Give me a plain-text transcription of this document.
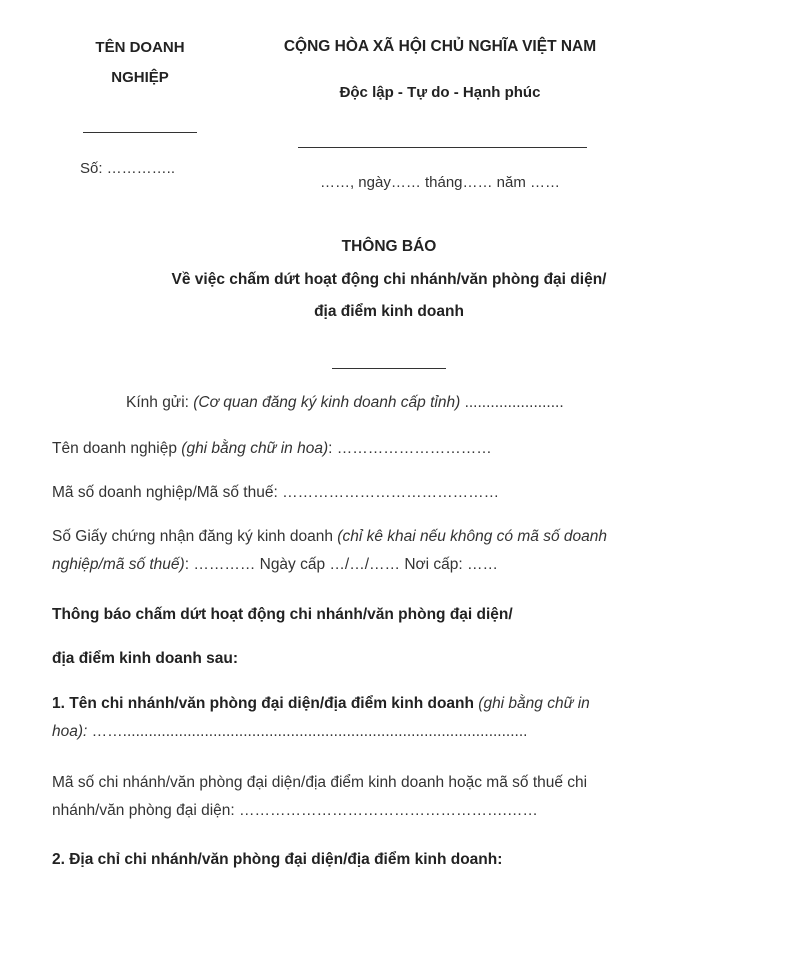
TÊN DOANH
NGHIỆP
Số: …………..
CỘNG HÒA XÃ HỘI CHỦ NGHĨA VIỆT NAM
Độc lập - Tự do - Hạnh phúc
……, ngày…… tháng…… năm ……
THÔNG BÁO
Về việc chấm dứt hoạt động chi nhánh/văn phòng đại diện/
địa điểm kinh doanh
Kính gửi: (Cơ quan đăng ký kinh doanh cấp tỉnh) .......................
Tên doanh nghiệp (ghi bằng chữ in hoa): …………………………
Mã số doanh nghiệp/Mã số thuế: ……………………………………
Số Giấy chứng nhận đăng ký kinh doanh (chỉ kê khai nếu không có mã số doanh
nghiệp/mã số thuế): ………… Ngày cấp …/…/…… Nơi cấp: ……
Thông báo chấm dứt hoạt động chi nhánh/văn phòng đại diện/
địa điểm kinh doanh sau:
1. Tên chi nhánh/văn phòng đại diện/địa điểm kinh doanh (ghi bằng chữ in
hoa): ……..............................................................................................
Mã số chi nhánh/văn phòng đại diện/địa điểm kinh doanh hoặc mã số thuế chi
nhánh/văn phòng đại diện: …………………………………………….……
2. Địa chỉ chi nhánh/văn phòng đại diện/địa điểm kinh doanh:
